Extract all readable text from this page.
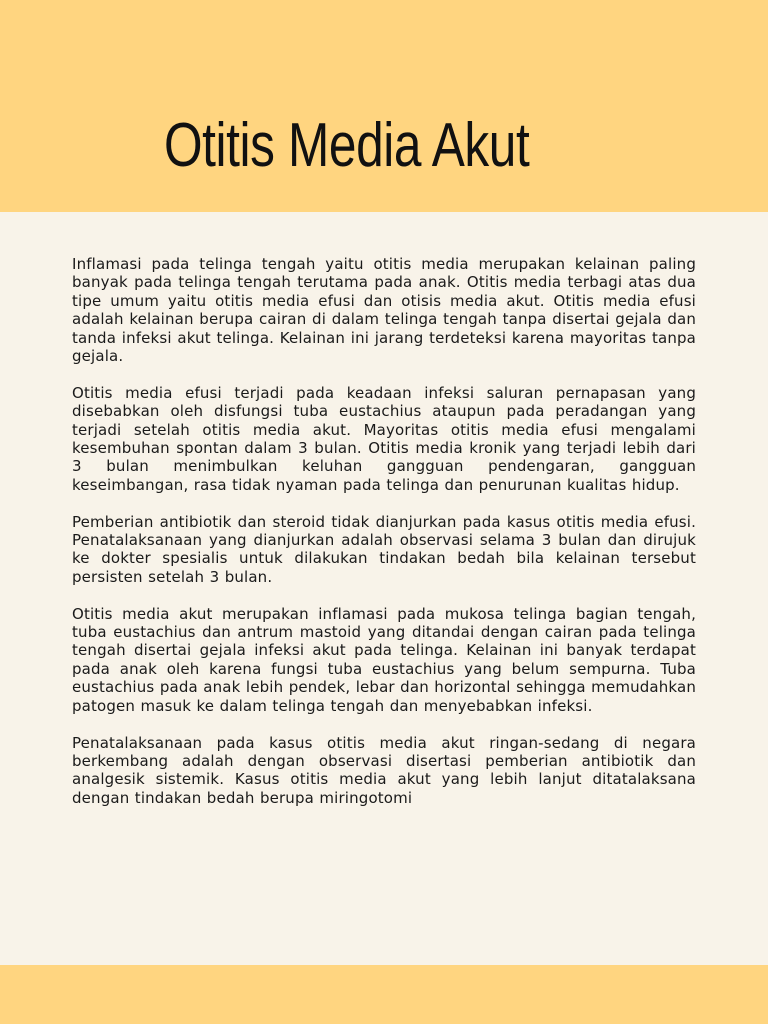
Otitis Media Akut

Inflamasi pada telinga tengah yaitu otitis media merupakan kelainan paling banyak pada telinga tengah terutama pada anak. Otitis media terbagi atas dua tipe umum yaitu otitis media efusi dan otisis media akut. Otitis media efusi adalah kelainan berupa cairan di dalam telinga tengah tanpa disertai gejala dan tanda infeksi akut telinga. Kelainan ini jarang terdeteksi karena mayoritas tanpa gejala.

Otitis media efusi terjadi pada keadaan infeksi saluran pernapasan yang disebabkan oleh disfungsi tuba eustachius ataupun pada peradangan yang terjadi setelah otitis media akut. Mayoritas otitis media efusi mengalami kesembuhan spontan dalam 3 bulan. Otitis media kronik yang terjadi lebih dari 3 bulan menimbulkan keluhan gangguan pendengaran, gangguan keseimbangan, rasa tidak nyaman pada telinga dan penurunan kualitas hidup.

Pemberian antibiotik dan steroid tidak dianjurkan pada kasus otitis media efusi. Penatalaksanaan yang dianjurkan adalah observasi selama 3 bulan dan dirujuk ke dokter spesialis untuk dilakukan tindakan bedah bila kelainan tersebut persisten setelah 3 bulan.

Otitis media akut merupakan inflamasi pada mukosa telinga bagian tengah, tuba eustachius dan antrum mastoid yang ditandai dengan cairan pada telinga tengah disertai gejala infeksi akut pada telinga. Kelainan ini banyak terdapat pada anak oleh karena fungsi tuba eustachius yang belum sempurna. Tuba eustachius pada anak lebih pendek, lebar dan horizontal sehingga memudahkan patogen masuk ke dalam telinga tengah dan menyebabkan infeksi.

Penatalaksanaan pada kasus otitis media akut ringan-sedang di negara berkembang adalah dengan observasi disertasi pemberian antibiotik dan analgesik sistemik. Kasus otitis media akut yang lebih lanjut ditatalaksana dengan tindakan bedah berupa miringotomi
